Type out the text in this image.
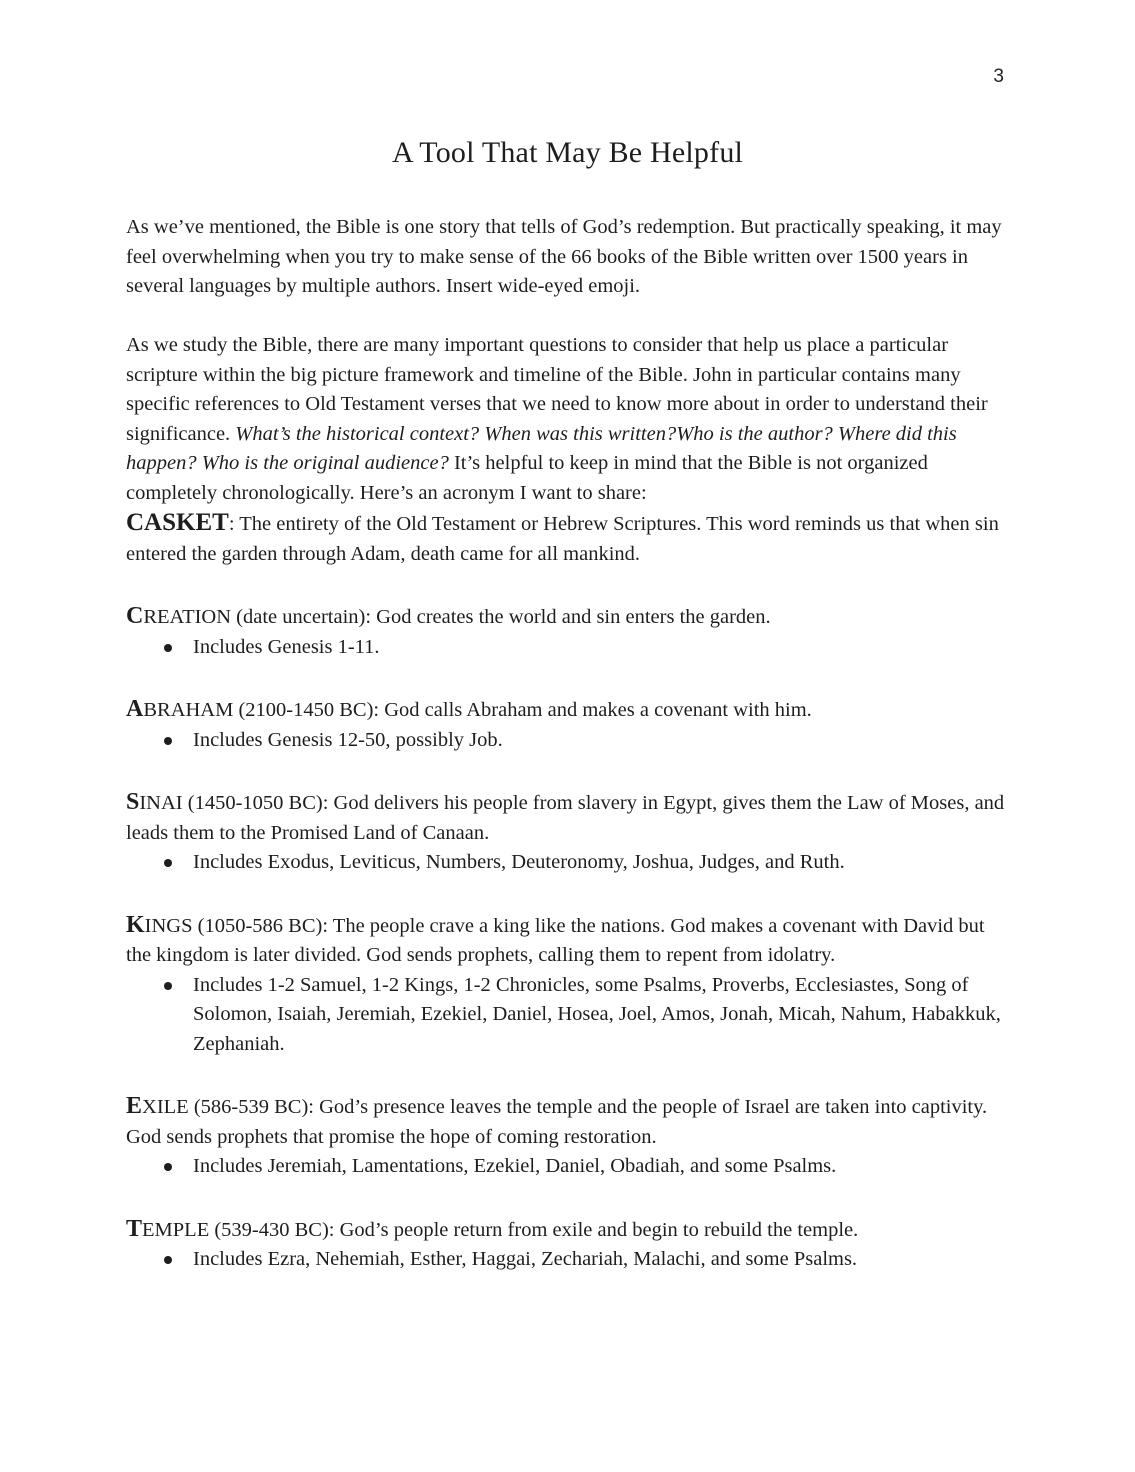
3
A Tool That May Be Helpful

As we’ve mentioned, the Bible is one story that tells of God’s redemption. But practically speaking, it may feel overwhelming when you try to make sense of the 66 books of the Bible written over 1500 years in several languages by multiple authors. Insert wide-eyed emoji.

As we study the Bible, there are many important questions to consider that help us place a particular scripture within the big picture framework and timeline of the Bible. John in particular contains many specific references to Old Testament verses that we need to know more about in order to understand their significance. What’s the historical context? When was this written?Who is the author? Where did this happen? Who is the original audience? It’s helpful to keep in mind that the Bible is not organized completely chronologically. Here’s an acronym I want to share:

CASKET: The entirety of the Old Testament or Hebrew Scriptures. This word reminds us that when sin entered the garden through Adam, death came for all mankind.

CREATION (date uncertain): God creates the world and sin enters the garden.

Includes Genesis 1-11.

ABRAHAM (2100-1450 BC): God calls Abraham and makes a covenant with him.

Includes Genesis 12-50, possibly Job.

SINAI (1450-1050 BC): God delivers his people from slavery in Egypt, gives them the Law of Moses, and leads them to the Promised Land of Canaan.

Includes Exodus, Leviticus, Numbers, Deuteronomy, Joshua, Judges, and Ruth.

KINGS (1050-586 BC): The people crave a king like the nations. God makes a covenant with David but the kingdom is later divided. God sends prophets, calling them to repent from idolatry.

Includes 1-2 Samuel, 1-2 Kings, 1-2 Chronicles, some Psalms, Proverbs, Ecclesiastes, Song of Solomon, Isaiah, Jeremiah, Ezekiel, Daniel, Hosea, Joel, Amos, Jonah, Micah, Nahum, Habakkuk, Zephaniah.

EXILE (586-539 BC): God’s presence leaves the temple and the people of Israel are taken into captivity. God sends prophets that promise the hope of coming restoration.

Includes Jeremiah, Lamentations, Ezekiel, Daniel, Obadiah, and some Psalms.

TEMPLE (539-430 BC): God’s people return from exile and begin to rebuild the temple.

Includes Ezra, Nehemiah, Esther, Haggai, Zechariah, Malachi, and some Psalms.
